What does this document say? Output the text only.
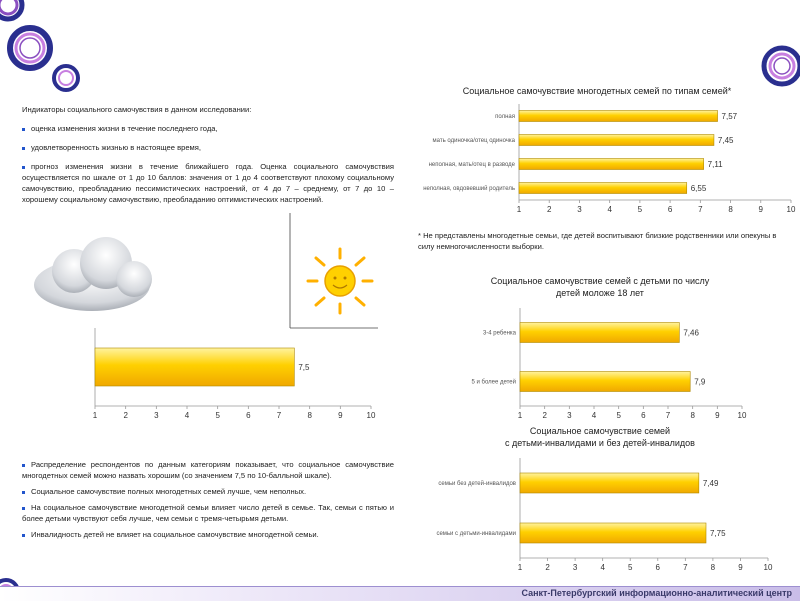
Санкт-Петербургский информационно-аналитический центр
Индикаторы социального самочувствия в данном исследовании:
оценка изменения жизни в течение последнего года,
удовлетворенность жизнью в настоящее время,
прогноз изменения жизни в течение ближайшего года. Оценка социального самочувствия осуществляется по шкале от 1 до 10 баллов: значения от 1 до 4 соответствуют плохому социальному самочувствию, преобладанию пессимистических настроений, от 4 до 7 – среднему, от 7 до 10 – хорошему социальному самочувствию, преобладанию оптимистических настроений.
Социальное самочувствие многодетных семей по типам семей*
1	2	3	4	5	6	7	8	9	10
7,57
полная
7,45
мать одиночка/отец одиночка
7,11
неполная, мать/отец в разводе
6,55
неполная, овдовевший родитель
* Не представлены многодетные семьи, где детей воспитывают близкие родственники или опекуны в силу немногочисленности выборки.
1	2	3	4	5	6	7	8	9	10
7,5
Социальное самочувствие семей с детьми по числу
детей моложе 18 лет
1	2	3	4	5	6	7	8	9 10
7,46
3-4 ребенка
7,9
5 и более детей
Социальное самочувствие семей
с детьми-инвалидами и без детей-инвалидов
1	2	3	4	5	6	7	8	9	10
7,49
семьи без детей-инвалидов
7,75
семьи с детьми-инвалидами
Распределение респондентов по данным категориям показывает, что социальное самочувствие многодетных семей можно назвать хорошим (со значением 7,5 по 10-балльной шкале).
Социальное самочувствие полных многодетных семей лучше, чем неполных.
На социальное самочувствие многодетной семьи влияет число детей в семье. Так, семьи с пятью и более детьми чувствуют себя лучше, чем семьи с тремя-четырьмя детьми.
Инвалидность детей не влияет на социальное самочувствие многодетной семьи.
